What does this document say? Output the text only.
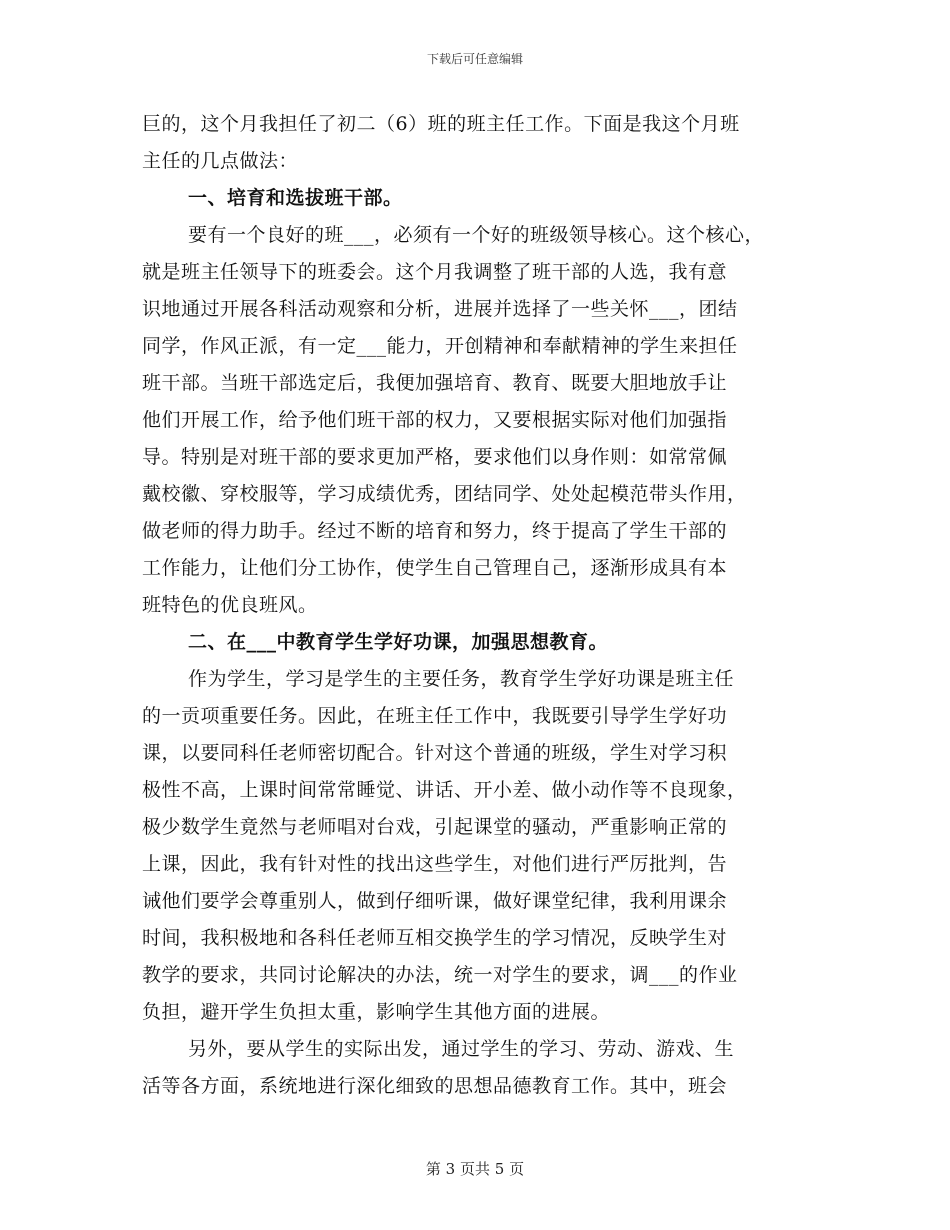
下载后可任意编辑
巨的，这个月我担任了初二（6）班的班主任工作。下面是我这个月班
主任的几点做法：
一、培育和选拔班干部。
要有一个良好的班___，必须有一个好的班级领导核心。这个核心，
就是班主任领导下的班委会。这个月我调整了班干部的人选，我有意
识地通过开展各科活动观察和分析，进展并选择了一些关怀___，团结
同学，作风正派，有一定___能力，开创精神和奉献精神的学生来担任
班干部。当班干部选定后，我便加强培育、教育、既要大胆地放手让
他们开展工作，给予他们班干部的权力，又要根据实际对他们加强指
导。特别是对班干部的要求更加严格，要求他们以身作则：如常常佩
戴校徽、穿校服等，学习成绩优秀，团结同学、处处起模范带头作用，
做老师的得力助手。经过不断的培育和努力，终于提高了学生干部的
工作能力，让他们分工协作，使学生自己管理自己，逐渐形成具有本
班特色的优良班风。
二、在___中教育学生学好功课，加强思想教育。
作为学生，学习是学生的主要任务，教育学生学好功课是班主任
的一贡项重要任务。因此，在班主任工作中，我既要引导学生学好功
课，以要同科任老师密切配合。针对这个普通的班级，学生对学习积
极性不高，上课时间常常睡觉、讲话、开小差、做小动作等不良现象，
极少数学生竟然与老师唱对台戏，引起课堂的骚动，严重影响正常的
上课，因此，我有针对性的找出这些学生，对他们进行严厉批判，告
诫他们要学会尊重别人，做到仔细听课，做好课堂纪律，我利用课余
时间，我积极地和各科任老师互相交换学生的学习情况，反映学生对
教学的要求，共同讨论解决的办法，统一对学生的要求，调___的作业
负担，避开学生负担太重，影响学生其他方面的进展。
另外，要从学生的实际出发，通过学生的学习、劳动、游戏、生
活等各方面，系统地进行深化细致的思想品德教育工作。其中，班会
第 3 页共 5 页
